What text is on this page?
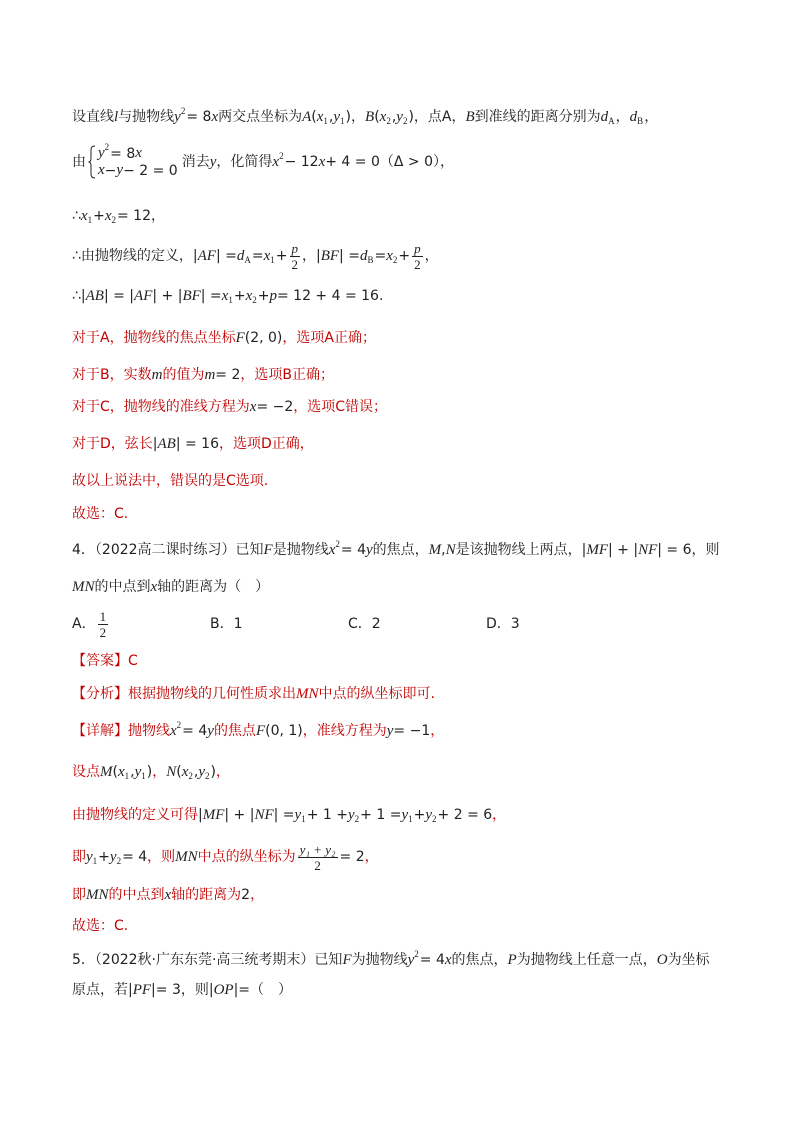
设直线 l 与抛物线 y 2 = 8 x 两交点坐标为 A ( x 1 , y 1 ) ， B ( x 2 , y 2 ) ，点A， B 到准线的距离分别为 d A ， d B ，
由
y 2 = 8 x
x − y − 2 = 0
消去 y ，化简得 x 2 − 12 x + 4 = 0（Δ > 0），
∴ x 1 + x 2 = 12，
∴由抛物线的定义，| AF | = d A = x $1 + \frac{p}{2}$ ，| BF | = d B = x $2 + \frac{p}{2}$ ，
∴| AB | = | AF | + | BF | = x 1 + x 2 + p = 12 + 4 = 16.
对于A，抛物线的焦点坐标 F (2, 0) ，选项A正确；
对于B，实数 m 的值为 m = 2 ，选项B正确；
对于C，抛物线的准线方程为 x = −2 ，选项C错误；
对于D，弦长 | AB | = 16 ，选项D正确，
故以上说法中，错误的是C选项.
故选：C.
4．（2022高二课时练习）已知 F 是抛物线 x 2 = 4 y 的焦点， M , N 是该抛物线上两点，| MF | + | NF | = 6，则
MN 的中点到 x 轴的距离为（　）
A． $\frac{1}{2}$	B．1	C．2	D．3
【答案】C
【分析】根据抛物线的几何性质求出 MN 中点的纵坐标即可.
【详解】抛物线 x 2 = 4 y 的焦点 F (0, 1) ，准线方程为 y = −1 ，
设点 M ( x 1 , y 1 ) ， N ( x 2 , y 2 ) ，
由抛物线的定义可得 | MF | + | NF | = y 1 + 1 + y 2 + 1 = y 1 + y 2 + 2 = 6 ，
即 y 1 + y 2 = 4 ，则 MN 中点的纵坐标为 $\frac{\text{y₁ + y₂}}{2} = 2$ ，
即 MN 的中点到 x 轴的距离为 2 ，
故选：C.
5．（2022秋·广东东莞·高三统考期末）已知 F 为抛物线 y 2 = 4 x 的焦点， P 为抛物线上任意一点， O 为坐标
原点，若| PF |= 3，则| OP |=（　）
